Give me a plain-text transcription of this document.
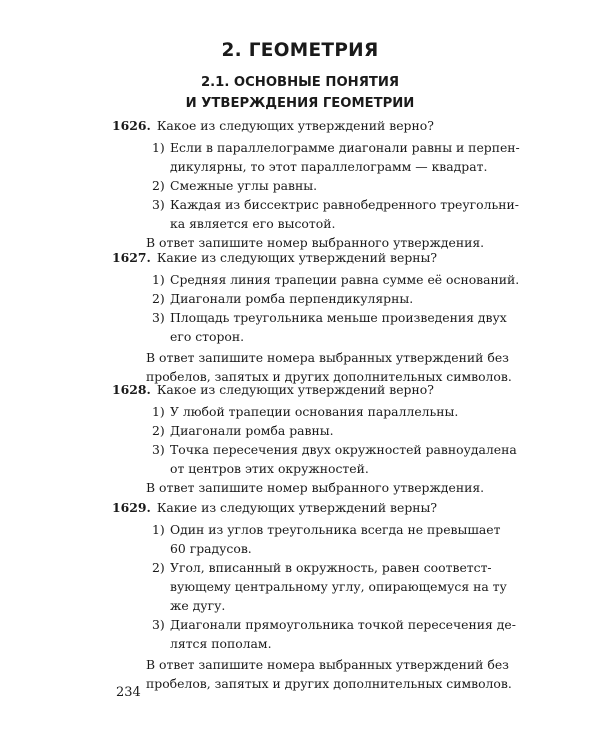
2. ГЕОМЕТРИЯ
2.1. ОСНОВНЫЕ ПОНЯТИЯ
И УТВЕРЖДЕНИЯ ГЕОМЕТРИИ
1626. Какое из следующих утверждений верно?
1) Если в параллелограмме диагонали равны и перпен-
дикулярны, то этот параллелограмм — квадрат.
2) Смежные углы равны.
3) Каждая из биссектрис равнобедренного треугольни-
ка является его высотой.
В ответ запишите номер выбранного утверждения.
1627. Какие из следующих утверждений верны?
1) Средняя линия трапеции равна сумме её оснований.
2) Диагонали ромба перпендикулярны.
3) Площадь треугольника меньше произведения двух
его сторон.
В ответ запишите номера выбранных утверждений без
пробелов, запятых и других дополнительных символов.
1628. Какое из следующих утверждений верно?
1) У любой трапеции основания параллельны.
2) Диагонали ромба равны.
3) Точка пересечения двух окружностей равноудалена
от центров этих окружностей.
В ответ запишите номер выбранного утверждения.
1629. Какие из следующих утверждений верны?
1) Один из углов треугольника всегда не превышает
60 градусов.
2) Угол, вписанный в окружность, равен соответст-
вующему центральному углу, опирающемуся на ту
же дугу.
3) Диагонали прямоугольника точкой пересечения де-
лятся пополам.
В ответ запишите номера выбранных утверждений без
пробелов, запятых и других дополнительных символов.
234
